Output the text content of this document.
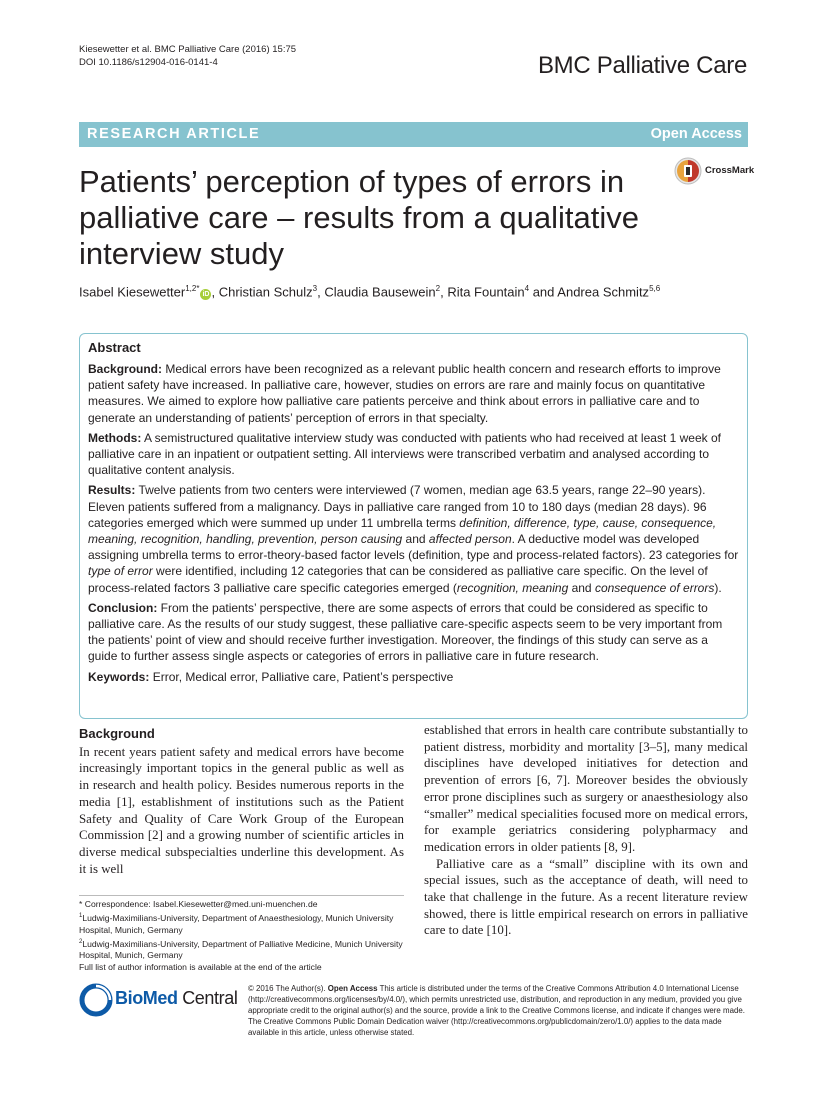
Kiesewetter et al. BMC Palliative Care (2016) 15:75
DOI 10.1186/s12904-016-0141-4	BMC Palliative Care
RESEARCH ARTICLE	Open Access
CrossMark
Patients’ perception of types of errors in palliative care – results from a qualitative interview study
Isabel Kiesewetter$^{1,2*}$iD , Christian Schulz$^3$, Claudia Bausewein$^2$, Rita Fountain$^4$ and Andrea Schmitz$^{5,6}$
Abstract

Background: Medical errors have been recognized as a relevant public health concern and research efforts to improve patient safety have increased. In palliative care, however, studies on errors are rare and mainly focus on quantitative measures. We aimed to explore how palliative care patients perceive and think about errors in palliative care and to generate an understanding of patients’ perception of errors in that specialty.

Methods: A semistructured qualitative interview study was conducted with patients who had received at least 1 week of palliative care in an inpatient or outpatient setting. All interviews were transcribed verbatim and analysed according to qualitative content analysis.

Results: Twelve patients from two centers were interviewed (7 women, median age 63.5 years, range 22–90 years). Eleven patients suffered from a malignancy. Days in palliative care ranged from 10 to 180 days (median 28 days). 96 categories emerged which were summed up under 11 umbrella terms definition, difference, type, cause, consequence, meaning, recognition, handling, prevention, person causing and affected person. A deductive model was developed assigning umbrella terms to error-theory-based factor levels (definition, type and process-related factors). 23 categories for type of error were identified, including 12 categories that can be considered as palliative care specific. On the level of process-related factors 3 palliative care specific categories emerged (recognition, meaning and consequence of errors).

Conclusion: From the patients’ perspective, there are some aspects of errors that could be considered as specific to palliative care. As the results of our study suggest, these palliative care-specific aspects seem to be very important from the patients’ point of view and should receive further investigation. Moreover, the findings of this study can serve as a guide to further assess single aspects or categories of errors in palliative care in future research.

Keywords: Error, Medical error, Palliative care, Patient’s perspective

Background

In recent years patient safety and medical errors have become increasingly important topics in the general public as well as in research and health policy. Besides numerous reports in the media [1], establishment of institutions such as the Patient Safety and Quality of Care Work Group of the European Commission [2] and a growing number of scientific articles in diverse medical subspecialties underline this development. As it is well

established that errors in health care contribute substantially to patient distress, morbidity and mortality [3–5], many medical disciplines have developed initiatives for detection and prevention of errors [6, 7]. Moreover besides the obviously error prone disciplines such as surgery or anaesthesiology also “smaller” medical specialities focused more on medical errors, for example geriatrics considering polypharmacy and medication errors in older patients [8, 9].

Palliative care as a “small” discipline with its own and special issues, such as the acceptance of death, will need to take that challenge in the future. As a recent literature review showed, there is little empirical research on errors in palliative care to date [10].

* Correspondence: Isabel.Kiesewetter@med.uni-muenchen.de
$^1$Ludwig-Maximilians-University, Department of Anaesthesiology, Munich University Hospital, Munich, Germany
$^2$Ludwig-Maximilians-University, Department of Palliative Medicine, Munich University Hospital, Munich, Germany
Full list of author information is available at the end of the article
BioMed Central © 2016 The Author(s). Open Access This article is distributed under the terms of the Creative Commons Attribution 4.0 International License (http://creativecommons.org/licenses/by/4.0/), which permits unrestricted use, distribution, and reproduction in any medium, provided you give appropriate credit to the original author(s) and the source, provide a link to the Creative Commons license, and indicate if changes were made. The Creative Commons Public Domain Dedication waiver (http://creativecommons.org/publicdomain/zero/1.0/) applies to the data made available in this article, unless otherwise stated.
